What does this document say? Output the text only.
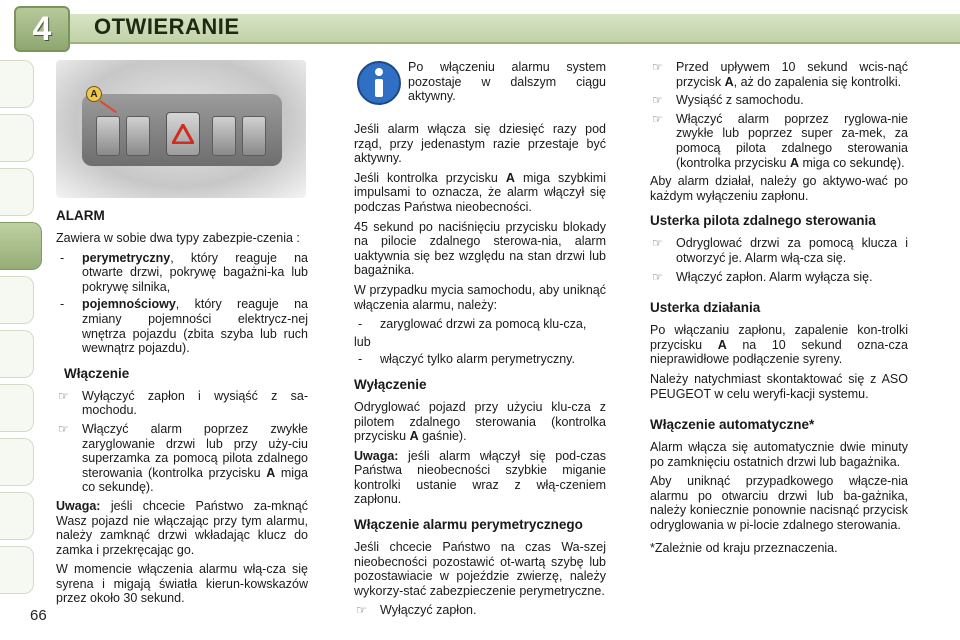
4 OTWIERANIE
66
A
ALARM

Zawiera w sobie dwa typy zabezpie-czenia :

- perymetryczny, który reaguje na otwarte drzwi, pokrywę bagażni-ka lub pokrywę silnika,
- pojemnościowy, który reaguje na zmiany pojemności elektrycz-nej wnętrza pojazdu (zbita szyba lub ruch wewnątrz pojazdu).
Włączenie
☞ Wyłączyć zapłon i wysiąść z sa-mochodu.
☞ Włączyć alarm poprzez zwykłe zaryglowanie drzwi lub przy uży-ciu superzamka za pomocą pilota zdalnego sterowania (kontrolka przycisku A miga co sekundę).

Uwaga: jeśli chcecie Państwo za-mknąć Wasz pojazd nie włączając przy tym alarmu, należy zamknąć drzwi wkładając klucz do zamka i przekręcając go.

W momencie włączenia alarmu włą-cza się syrena i migają światła kierun-kowskazów przez około 30 sekund.

Po włączeniu alarmu system pozostaje w dalszym ciągu aktywny.

Jeśli alarm włącza się dziesięć razy pod rząd, przy jedenastym razie przestaje być aktywny.

Jeśli kontrolka przycisku A miga szybkimi impulsami to oznacza, że alarm włączył się podczas Państwa nieobecności.

45 sekund po naciśnięciu przycisku blokady na pilocie zdalnego sterowa-nia, alarm uaktywnia się bez względu na stan drzwi lub bagażnika.

W przypadku mycia samochodu, aby uniknąć włączenia alarmu, należy:

- zaryglować drzwi za pomocą klu-cza,
lub
- włączyć tylko alarm perymetryczny.
Wyłączenie

Odryglować pojazd przy użyciu klu-cza z pilotem zdalnego sterowania (kontrolka przycisku A gaśnie).

Uwaga: jeśli alarm włączył się pod-czas Państwa nieobecności szybkie miganie kontrolki ustanie wraz z włą-czeniem zapłonu.

Włączenie alarmu perymetrycznego

Jeśli chcecie Państwo na czas Wa-szej nieobecności pozostawić ot-wartą szybę lub pozostawiacie w pojeździe zwierzę, należy wykorzy-stać zabezpieczenie perymetryczne.

☞ Wyłączyć zapłon.
☞ Przed upływem 10 sekund wcis-nąć przycisk A, aż do zapalenia się kontrolki.
☞ Wysiąść z samochodu.
☞ Włączyć alarm poprzez ryglowa-nie zwykłe lub poprzez super za-mek, za pomocą pilota zdalnego sterowania (kontrolka przycisku A miga co sekundę).

Aby alarm działał, należy go aktywo-wać po każdym wyłączeniu zapłonu.

Usterka pilota zdalnego sterowania
☞ Odryglować drzwi za pomocą klucza i otworzyć je. Alarm włą-cza się.
☞ Włączyć zapłon. Alarm wyłącza się.
Usterka działania

Po włączaniu zapłonu, zapalenie kon-trolki przycisku A na 10 sekund ozna-cza nieprawidłowe podłączenie syreny.

Należy natychmiast skontaktować się z ASO PEUGEOT w celu weryfi-kacji systemu.

Włączenie automatyczne*

Alarm włącza się automatycznie dwie minuty po zamknięciu ostatnich drzwi lub bagażnika.

Aby uniknąć przypadkowego włącze-nia alarmu po otwarciu drzwi lub ba-gażnika, należy koniecznie ponownie nacisnąć przycisk odryglowania w pi-locie zdalnego sterowania.

*Zależnie od kraju przeznaczenia.
